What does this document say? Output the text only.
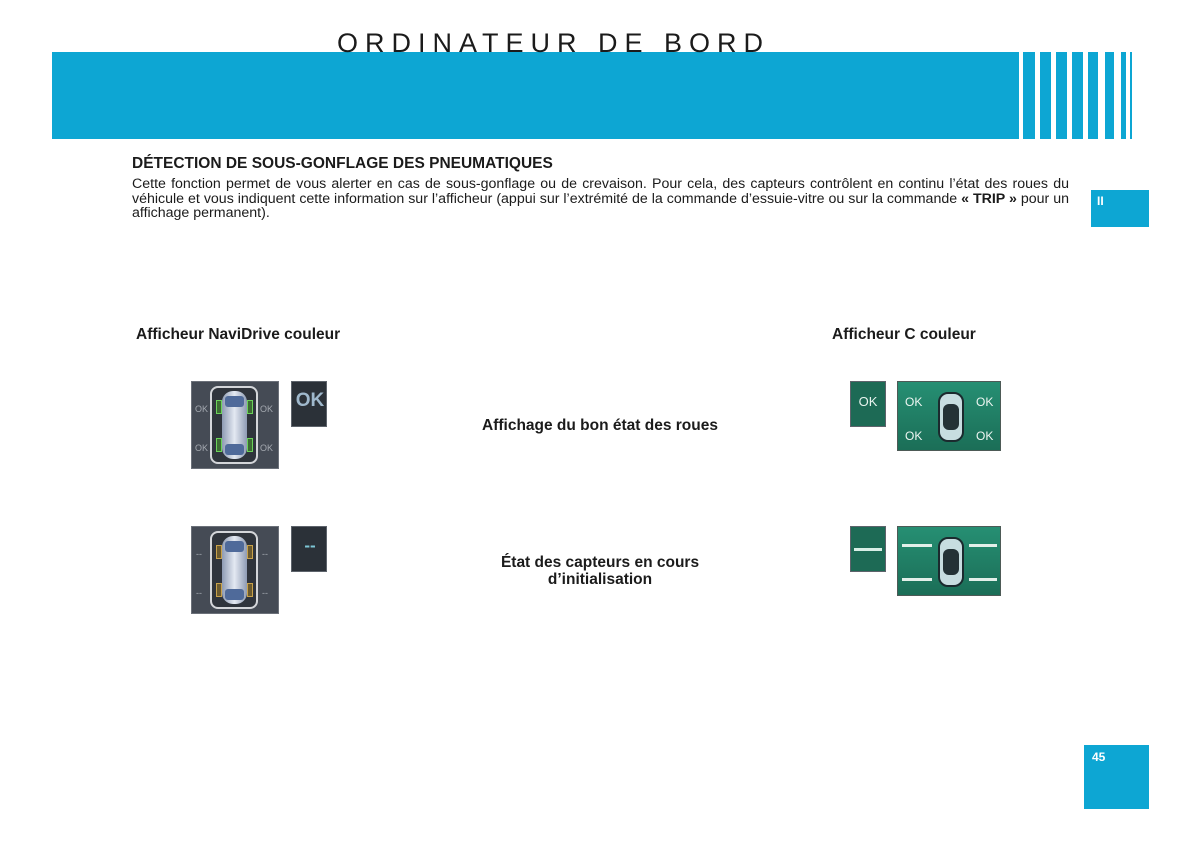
ORDINATEUR DE BORD
II
DÉTECTION DE SOUS-GONFLAGE DES PNEUMATIQUES

Cette fonction permet de vous alerter en cas de sous-gonflage ou de crevaison. Pour cela, des capteurs contrôlent en continu l’état des roues du véhicule et vous indiquent cette information sur l’afficheur (appui sur l’extrémité de la commande d’essuie-vitre ou sur la commande « TRIP » pour un affichage permanent).

Afficheur NaviDrive couleur	Afficheur C couleur
OK	OK
OK	OK
OK
Affichage du bon état des roues
OK	OK	OK
OK	OK
--	--
--	--
--
État des capteurs en cours
d’initialisation
45
